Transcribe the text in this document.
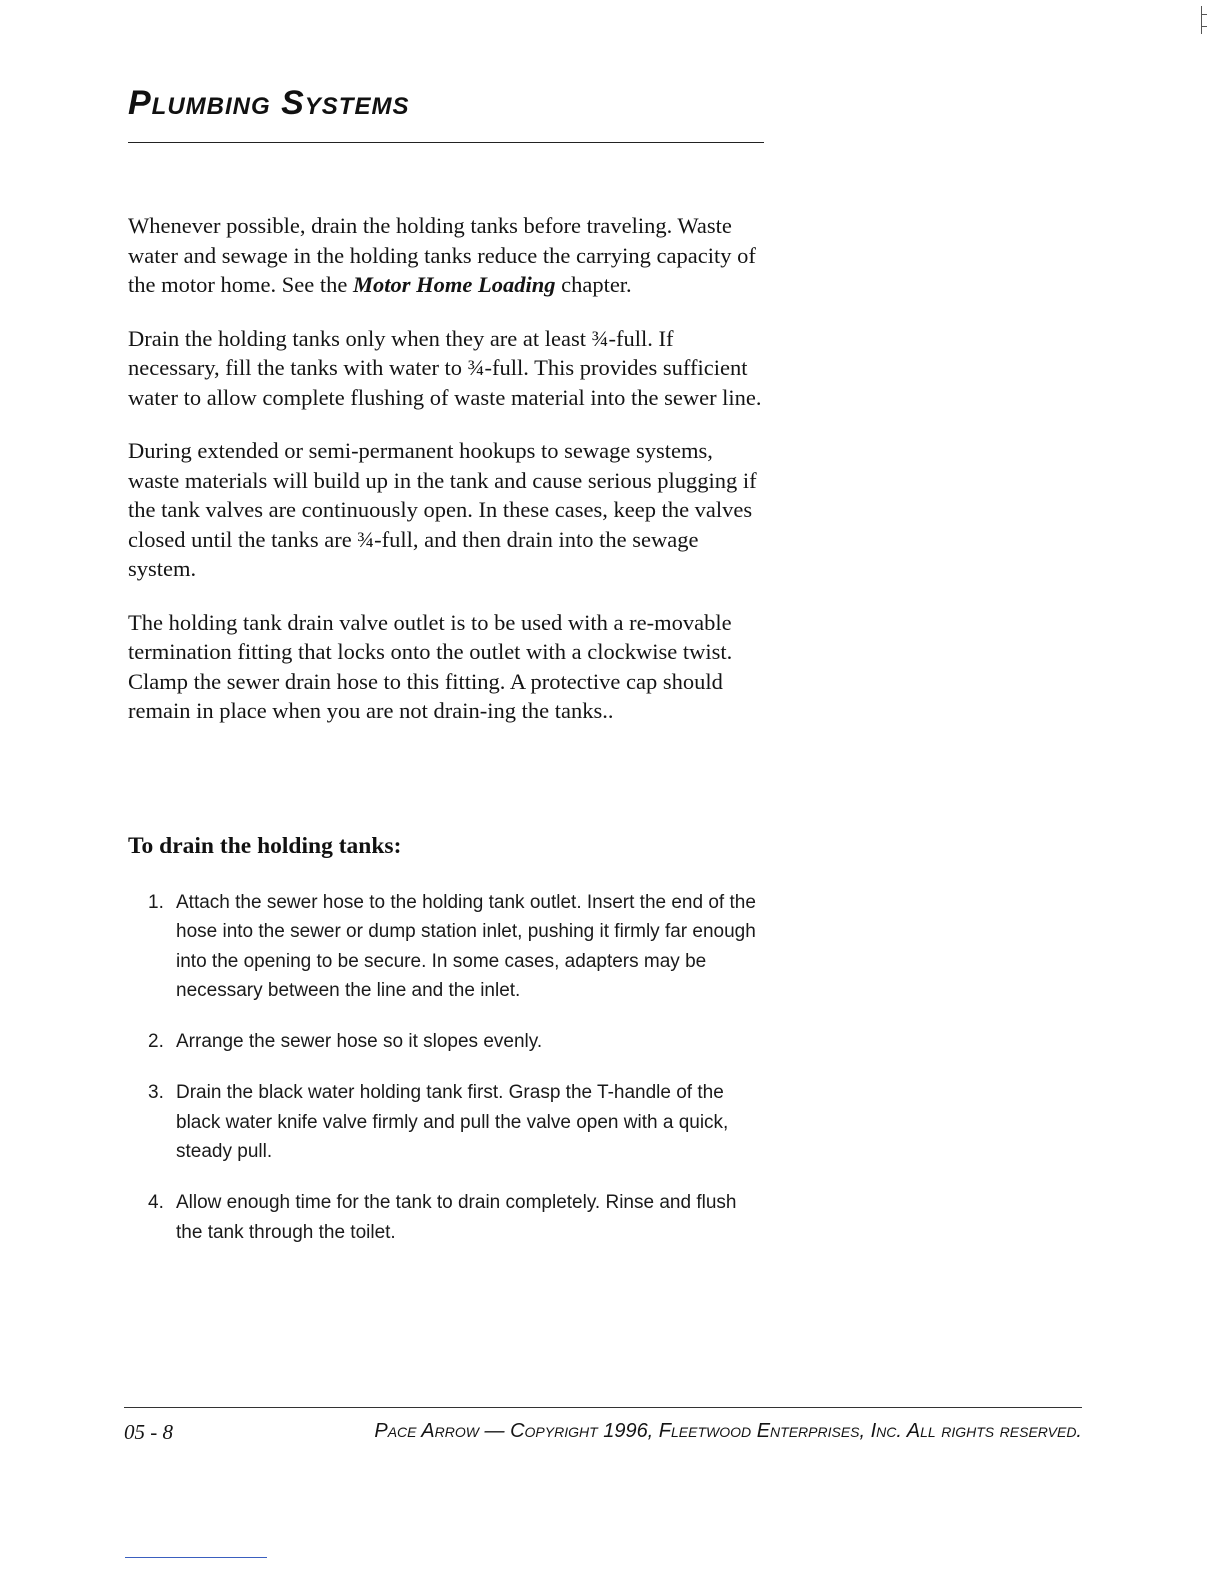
Plumbing Systems

Whenever possible, drain the holding tanks before traveling. Waste water and sewage in the holding tanks reduce the carrying capacity of the motor home. See the Motor Home Loading chapter.

Drain the holding tanks only when they are at least ¾-full. If necessary, fill the tanks with water to ¾-full. This provides sufficient water to allow complete flushing of waste material into the sewer line.

During extended or semi-permanent hookups to sewage systems, waste materials will build up in the tank and cause serious plugging if the tank valves are continuously open. In these cases, keep the valves closed until the tanks are ¾-full, and then drain into the sewage system.

The holding tank drain valve outlet is to be used with a re-movable termination fitting that locks onto the outlet with a clockwise twist. Clamp the sewer drain hose to this fitting. A protective cap should remain in place when you are not drain-ing the tanks..

To drain the holding tanks:
1. Attach the sewer hose to the holding tank outlet. Insert the end of the hose into the sewer or dump station inlet, pushing it firmly far enough into the opening to be secure. In some cases, adapters may be necessary between the line and the inlet.
2. Arrange the sewer hose so it slopes evenly.
3. Drain the black water holding tank first. Grasp the T-handle of the black water knife valve firmly and pull the valve open with a quick, steady pull.
4. Allow enough time for the tank to drain completely. Rinse and flush the tank through the toilet.
05 - 8	Pace Arrow — Copyright 1996, Fleetwood Enterprises, Inc. All rights reserved.
